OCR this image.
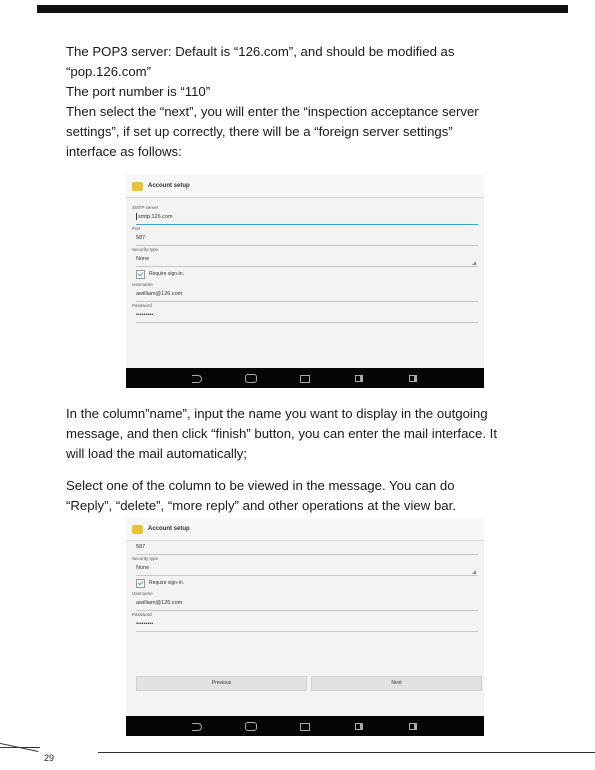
The POP3 server: Default is “126.com”, and should be modified as
“pop.126.com”
The port number is “110”
Then select the “next”, you will enter the “inspection acceptance server
settings”, if set up correctly, there will be a “foreign server settings”
interface as follows:
Account setup
SMTP server
smtp.126.com
Port
587
Security type
None
Require sign-in.
Username
awilliam@126.com
Password
•••••••••
In the column”name”, input the name you want to display in the outgoing
message, and then click “finish” button, you can enter the mail interface. It
will load the mail automatically;
Select one of the column to be viewed in the message. You can do
“Reply”, “delete”, “more reply” and other operations at the view bar.
Account setup
587
Security type
None
Require sign-in.
Username
awilliam@126.com
Password
•••••••••
Previous	Next
29
